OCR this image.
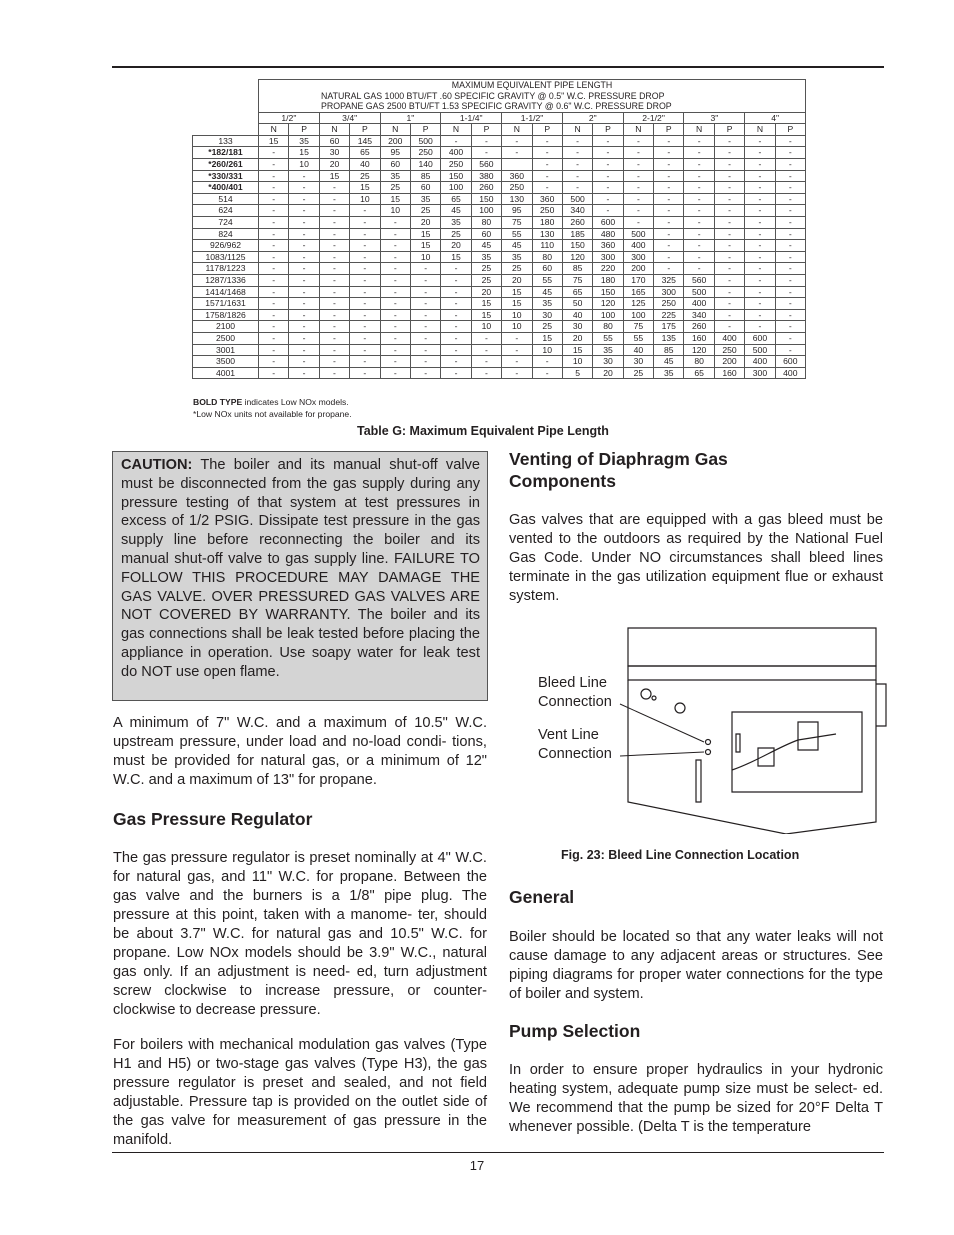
	MAXIMUM EQUIVALENT PIPE LENGTH
NATURAL GAS 1000 BTU/FT .60 SPECIFIC GRAVITY @ 0.5" W.C. PRESSURE DROP
PROPANE GAS 2500 BTU/FT 1.53 SPECIFIC GRAVITY @ 0.6" W.C. PRESSURE DROP																	

	1/2"		3/4"		1"		1-1/4"		1-1/2"		2"		2-1/2"		3"		4"	
	N	P	N	P	N	P	N	P	N	P	N	P	N	P	N	P	N	P
133	15	35	60	145	200	500	-	-	-	-	-	-	-	-	-	-	-	-
*182/181	-	15	30	65	95	250	400	-	-	-	-	-	-	-	-	-	-	-
*260/261	-	10	20	40	60	140	250	560		-	-	-	-	-	-	-	-	-
*330/331	-	-	15	25	35	85	150	380	360	-	-	-	-	-	-	-	-	-
*400/401	-	-	-	15	25	60	100	260	250	-	-	-	-	-	-	-	-	-
514	-	-	-	10	15	35	65	150	130	360	500	-	-	-	-	-	-	-
624	-	-	-	-	10	25	45	100	95	250	340	-	-	-	-	-	-	-
724	-	-	-	-	-	20	35	80	75	180	260	600	-	-	-	-	-	-
824	-	-	-	-	-	15	25	60	55	130	185	480	500	-	-	-	-	-
926/962	-	-	-	-	-	15	20	45	45	110	150	360	400	-	-	-	-	-
1083/1125	-	-	-	-	-	10	15	35	35	80	120	300	300	-	-	-	-	-
1178/1223	-	-	-	-	-	-	-	25	25	60	85	220	200	-	-	-	-	-
1287/1336	-	-	-	-	-	-	-	25	20	55	75	180	170	325	560	-	-	-
1414/1468	-	-	-	-	-	-	-	20	15	45	65	150	165	300	500	-	-	-
1571/1631	-	-	-	-	-	-	-	15	15	35	50	120	125	250	400	-	-	-
1758/1826	-	-	-	-	-	-	-	15	10	30	40	100	100	225	340	-	-	-
2100	-	-	-	-	-	-	-	10	10	25	30	80	75	175	260	-	-	-
2500	-	-	-	-	-	-	-	-	-	15	20	55	55	135	160	400	600	-
3001	-	-	-	-	-	-	-	-	-	10	15	35	40	85	120	250	500	-
3500	-	-	-	-	-	-	-	-	-	-	10	30	30	45	80	200	400	600
4001	-	-	-	-	-	-	-	-	-	-	5	20	25	35	65	160	300	400
BOLD TYPE indicates Low NOx models.
*Low NOx units not available for propane.
Table G: Maximum Equivalent Pipe Length
CAUTION: The boiler and its manual shut-off valve must be disconnected from the gas supply during any pressure testing of that system at test pressures in excess of 1/2 PSIG. Dissipate test pressure in the gas supply line before reconnecting the boiler and its manual shut-off valve to gas supply line. FAILURE TO FOLLOW THIS PROCEDURE MAY DAMAGE THE GAS VALVE. OVER PRESSURED GAS VALVES ARE NOT COVERED BY WARRANTY. The boiler and its gas connections shall be leak tested before placing the appliance in operation. Use soapy water for leak test do NOT use open flame.

A minimum of 7" W.C. and a maximum of 10.5" W.C. upstream pressure, under load and no-load condi- tions, must be provided for natural gas, or a minimum of 12" W.C. and a maximum of 13" for propane.

Gas Pressure Regulator

The gas pressure regulator is preset nominally at 4" W.C. for natural gas, and 11" W.C. for propane. Between the gas valve and the burners is a 1/8" pipe plug. The pressure at this point, taken with a manome- ter, should be about 3.7" W.C. for natural gas and 10.5" W.C. for propane. Low NOx models should be 3.9" W.C., natural gas only. If an adjustment is need- ed, turn adjustment screw clockwise to increase pressure, or counter-clockwise to decrease pressure.

For boilers with mechanical modulation gas valves (Type H1 and H5) or two-stage gas valves (Type H3), the gas pressure regulator is preset and sealed, and not field adjustable. Pressure tap is provided on the outlet side of the gas valve for measurement of gas pressure in the manifold.

Venting of Diaphragm Gas
Components

Gas valves that are equipped with a gas bleed must be vented to the outdoors as required by the National Fuel Gas Code. Under NO circumstances shall bleed lines terminate in the gas utilization equipment flue or exhaust system.

Bleed Line
Connection
Vent Line
Connection
Fig. 23: Bleed Line Connection Location
General

Boiler should be located so that any water leaks will not cause damage to any adjacent areas or structures. See piping diagrams for proper water connections for the type of boiler and system.

Pump Selection

In order to ensure proper hydraulics in your hydronic heating system, adequate pump size must be select- ed. We recommend that the pump be sized for 20°F Delta T whenever possible. (Delta T is the temperature

17
